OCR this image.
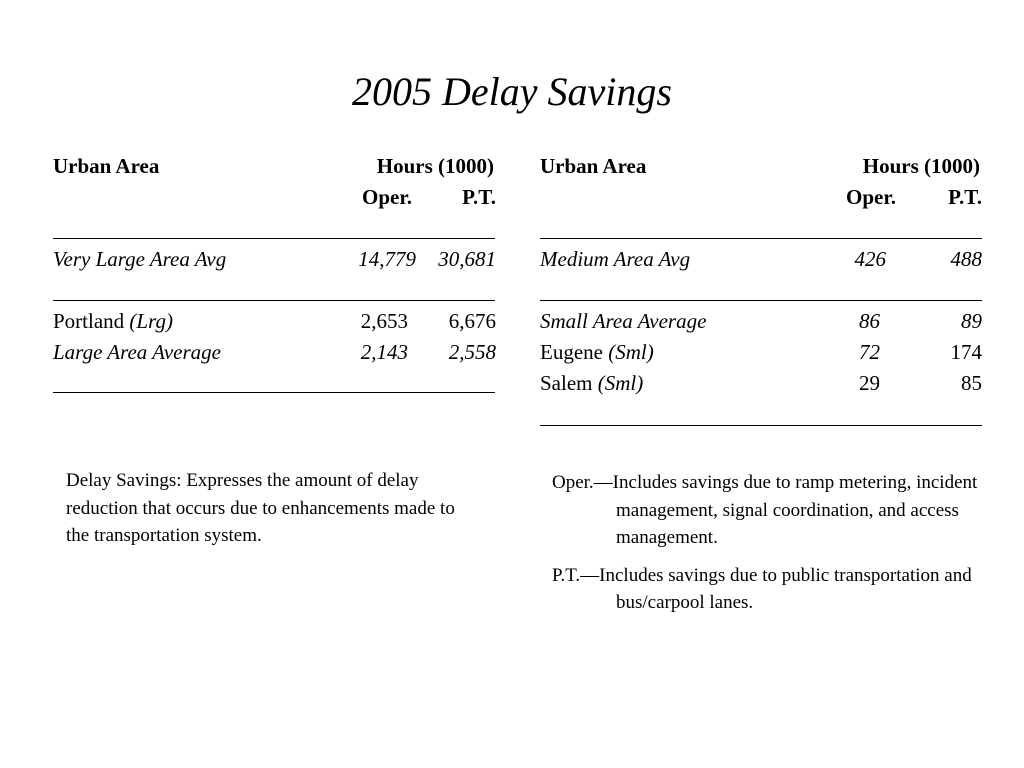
2005 Delay Savings
Urban Area	Hours (1000)
Oper.	P.T.
Very Large Area Avg	14,779	30,681
Portland (Lrg)	2,653	6,676
Large Area Average	2,143	2,558
Urban Area	Hours (1000)
Oper.	P.T.
Medium Area Avg	426	488
Small Area Average	86	89
Eugene (Sml)	72	174
Salem (Sml)	29	85
Delay Savings: Expresses the amount of delay reduction that occurs due to enhancements made to the transportation system.

Oper.—Includes savings due to ramp metering, incident management, signal coordination, and access management.

P.T.—Includes savings due to public transportation and bus/carpool lanes.
